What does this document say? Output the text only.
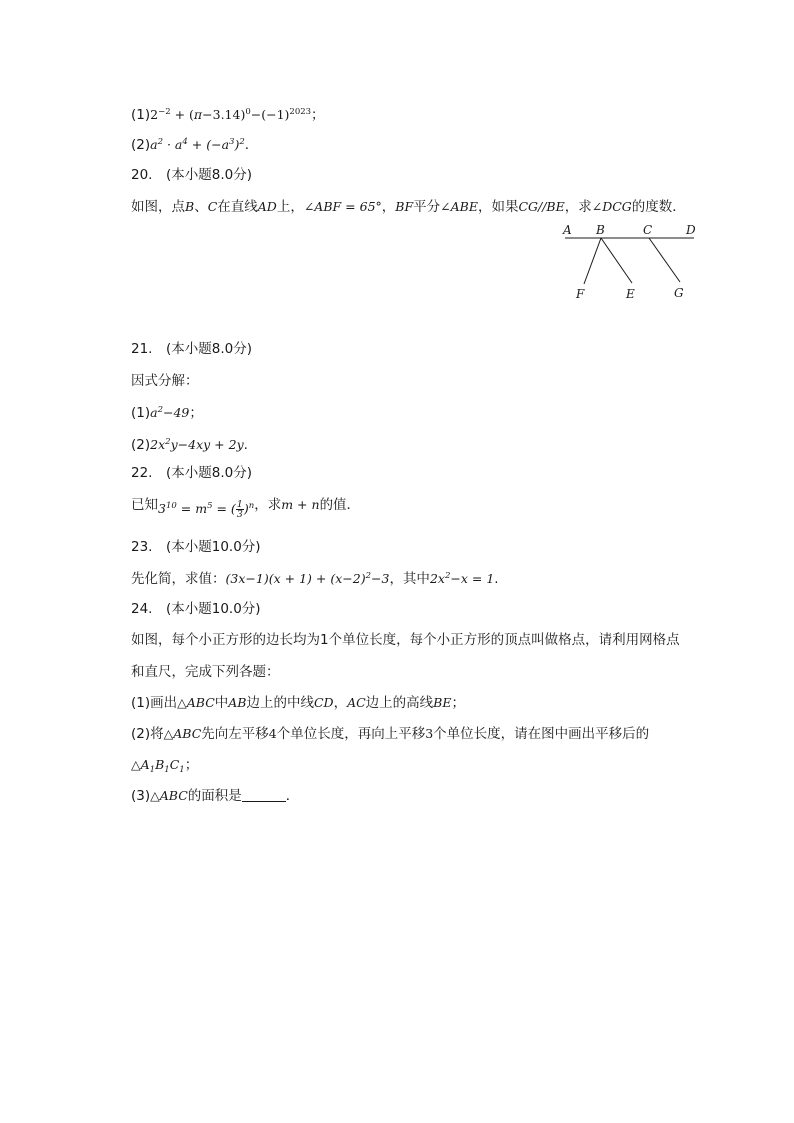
$(1)2^{-2} + (\pi-3.14)^0-(-1)^{2023}$；
$(2)a^2 \cdot a^4 + (-a^3)^2$.
20.　(本小题8.0分)
如图，点B、C在直线AD上，∠ABF = 65°，BF平分∠ABE，如果CG//BE，求∠DCG的度数．
A B	C	D
F	E	G
21.　(本小题8.0分)
因式分解：
$(1)a^2-49$；
$(2)2x^2y-4xy + 2y$.
22.　(本小题8.0分)
已知$3^{10} = m^5$ = ( $\frac{1}{3} )^n$，求m + n的值．
23.　(本小题10.0分)
先化简，求值：$(3x-1)(x + 1) + (x-2)^2-3$，其中$2x^2-x = 1$.
24.　(本小题10.0分)
如图，每个小正方形的边长均为1个单位长度，每个小正方形的顶点叫做格点，请利用网格点
和直尺，完成下列各题：
(1)画出△ABC中AB边上的中线CD，AC边上的高线BE；
(2)将△ABC先向左平移4个单位长度，再向上平移3个单位长度，请在图中画出平移后的
$\triangle A_1B_1C_1$；
(3)△ABC的面积是	．
